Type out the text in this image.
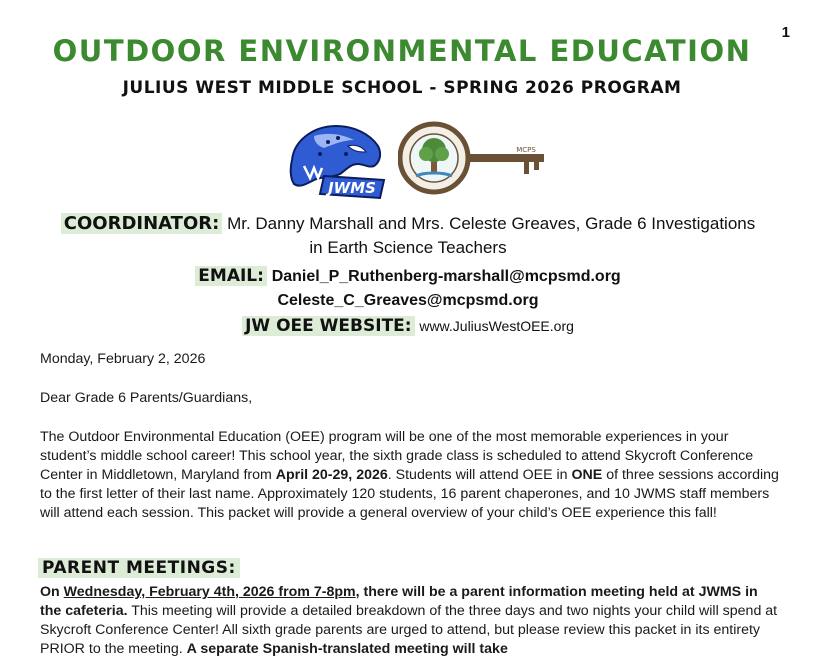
1
OUTDOOR ENVIRONMENTAL EDUCATION
JULIUS WEST MIDDLE SCHOOL - SPRING 2026 PROGRAM
JWMS
MCPS
COORDINATOR: Mr. Danny Marshall and Mrs. Celeste Greaves, Grade 6 Investigations
in Earth Science Teachers
EMAIL: Daniel_P_Ruthenberg-marshall@mcpsmd.org
Celeste_C_Greaves@mcpsmd.org
JW OEE WEBSITE: www.JuliusWestOEE.org
Monday, February 2, 2026
Dear Grade 6 Parents/Guardians,
The Outdoor Environmental Education (OEE) program will be one of the most memorable experiences in your student’s middle school career! This school year, the sixth grade class is scheduled to attend Skycroft Conference Center in Middletown, Maryland from April 20-29, 2026. Students will attend OEE in ONE of three sessions according to the first letter of their last name. Approximately 120 students, 16 parent chaperones, and 10 JWMS staff members will attend each session. This packet will provide a general overview of your child’s OEE experience this fall!
PARENT MEETINGS:
On Wednesday, February 4th, 2026 from 7-8pm, there will be a parent information meeting held at JWMS in the cafeteria. This meeting will provide a detailed breakdown of the three days and two nights your child will spend at Skycroft Conference Center! All sixth grade parents are urged to attend, but please review this packet in its entirety PRIOR to the meeting. A separate Spanish-translated meeting will take
